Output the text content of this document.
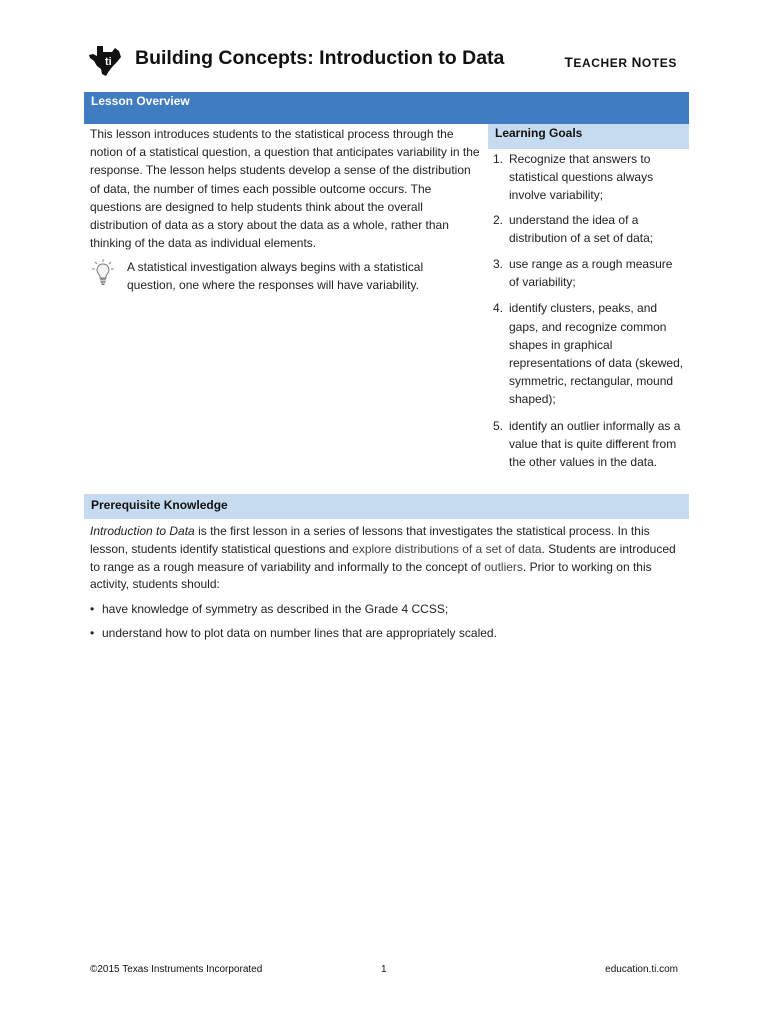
ti Building Concepts: Introduction to Data	TEACHER NOTES
Lesson Overview

This lesson introduces students to the statistical process through the notion of a statistical question, a question that anticipates variability in the response. The lesson helps students develop a sense of the distribution of data, the number of times each possible outcome occurs. The questions are designed to help students think about the overall distribution of data as a story about the data as a whole, rather than thinking of the data as individual elements.

A statistical investigation always begins with a statistical question, one where the responses will have variability.
Learning Goals
1. Recognize that answers to statistical questions always involve variability;
2. understand the idea of a distribution of a set of data;
3. use range as a rough measure of variability;
4. identify clusters, peaks, and gaps, and recognize common shapes in graphical representations of data (skewed, symmetric, rectangular, mound shaped);
5. identify an outlier informally as a value that is quite different from the other values in the data.
Prerequisite Knowledge

Introduction to Data is the first lesson in a series of lessons that investigates the statistical process. In this lesson, students identify statistical questions and explore distributions of a set of data. Students are introduced to range as a rough measure of variability and informally to the concept of outliers. Prior to working on this activity, students should:

• have knowledge of symmetry as described in the Grade 4 CCSS;
• understand how to plot data on number lines that are appropriately scaled.
©2015 Texas Instruments Incorporated	1	education.ti.com
